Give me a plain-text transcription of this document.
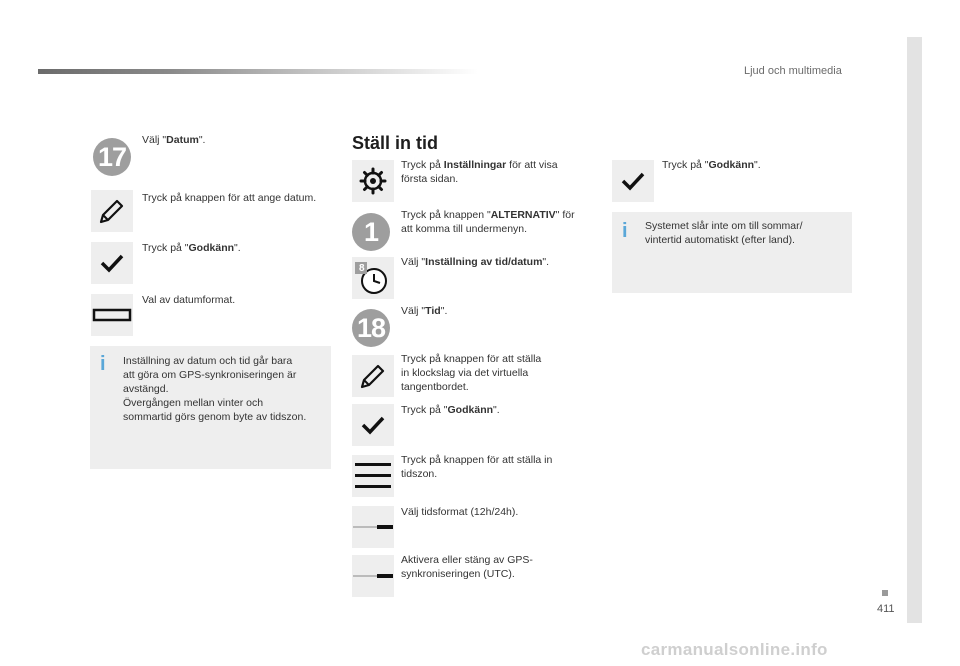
Ljud och multimedia
411
carmanualsonline.info
17
Välj "Datum".
Tryck på knappen för att ange datum.
Tryck på "Godkänn".
Val av datumformat.
i Inställning av datum och tid går bara
att göra om GPS-synkroniseringen är
avstängd.
Övergången mellan vinter och
sommartid görs genom byte av tidszon.
Ställ in tid
Tryck på Inställningar för att visa
första sidan.
1
Tryck på knappen "ALTERNATIV" för
att komma till undermenyn.
8
Välj "Inställning av tid/datum".
18
Välj "Tid".
Tryck på knappen för att ställa
in klockslag via det virtuella
tangentbordet.
Tryck på "Godkänn".
Tryck på knappen för att ställa in
tidszon.
Välj tidsformat (12h/24h).
Aktivera eller stäng av GPS-
synkroniseringen (UTC).
Tryck på "Godkänn".
i Systemet slår inte om till sommar/
vintertid automatiskt (efter land).
